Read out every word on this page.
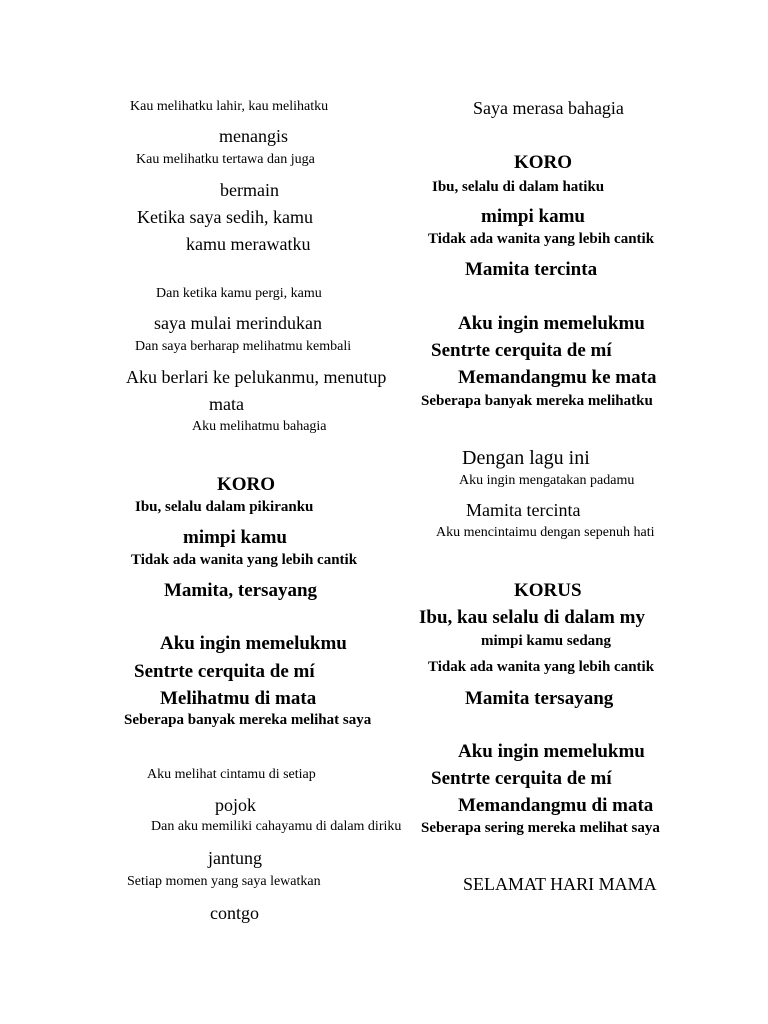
Kau melihatku lahir, kau melihatku
menangis
Kau melihatku tertawa dan juga
bermain
Ketika saya sedih, kamu
kamu merawatku
Dan ketika kamu pergi, kamu
saya mulai merindukan
Dan saya berharap melihatmu kembali
Aku berlari ke pelukanmu, menutup
mata
Aku melihatmu bahagia
KORO
Ibu, selalu dalam pikiranku
mimpi kamu
Tidak ada wanita yang lebih cantik
Mamita, tersayang
Aku ingin memelukmu
Sentrte cerquita de mí
Melihatmu di mata
Seberapa banyak mereka melihat saya
Aku melihat cintamu di setiap
pojok
Dan aku memiliki cahayamu di dalam diriku
jantung
Setiap momen yang saya lewatkan
contgo
Saya merasa bahagia
KORO
Ibu, selalu di dalam hatiku
mimpi kamu
Tidak ada wanita yang lebih cantik
Mamita tercinta
Aku ingin memelukmu
Sentrte cerquita de mí
Memandangmu ke mata
Seberapa banyak mereka melihatku
Dengan lagu ini
Aku ingin mengatakan padamu
Mamita tercinta
Aku mencintaimu dengan sepenuh hati
KORUS
Ibu, kau selalu di dalam my
mimpi kamu sedang
Tidak ada wanita yang lebih cantik
Mamita tersayang
Aku ingin memelukmu
Sentrte cerquita de mí
Memandangmu di mata
Seberapa sering mereka melihat saya
SELAMAT HARI MAMA
